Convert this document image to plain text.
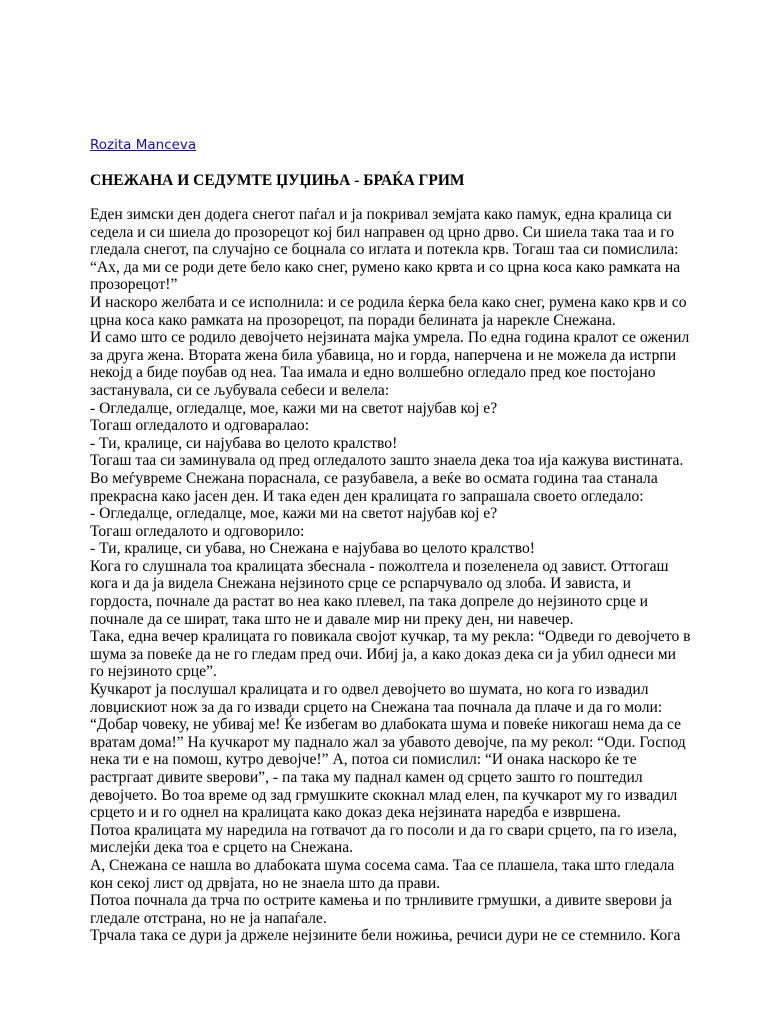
Rozita Manceva
СНЕЖАНА И СЕДУМТЕ ЏУЏИЊА - БРАЌА ГРИМ
Еден зимски ден додега снегот паѓал и ја покривал земјата како памук, една кралица си
седела и си шиела до прозорецот кој бил направен од црно дрво. Си шиела така таа и го
гледала снегот, па случајно се боцнала со иглата и потекла крв. Тогаш таа си помислила:
“Ах, да ми се роди дете бело како снег, румено како крвта и со црна коса како рамката на
прозорецот!”
И наскоро желбата и се исполнила: и се родила ќерка бела како снег, румена како крв и со
црна коса како рамката на прозорецот, па поради белината ја нарекле Снежана.
И само што се родило девојчето нејзината мајка умрела. По една година кралот се оженил
за друга жена. Втората жена била убавица, но и горда, наперчена и не можела да истрпи
некојд а биде поубав од неа. Таа имала и едно волшебно огледало пред кое постојано
застанувала, си се љубувала себеси и велела:
- Огледалце, огледалце, мое, кажи ми на светот најубав кој е?
Тогаш огледалото и одговаралао:
- Ти, кралице, си најубава во целото кралство!
Тогаш таа си заминувала од пред огледалото зашто знаела дека тоа ија кажува вистината.
Во меѓувреме Снежана пораснала, се разубавела, а веќе во осмата година таа станала
прекрасна како јасен ден. И така еден ден кралицата го запрашала своето огледало:
- Огледалце, огледалце, мое, кажи ми на светот најубав кој е?
Тогаш огледалото и одговорило:
- Ти, кралице, си убава, но Снежана е најубава во целото кралство!
Кога го слушнала тоа кралицата збеснала - пожолтела и позеленела од завист. Оттогаш
кога и да ја видела Снежана нејзиното срце се рспарчувало од злоба. И зависта, и
гордоста, почнале да растат во неа како плевел, па така допреле до нејзиното срце и
почнале да се шират, така што не и давале мир ни преку ден, ни навечер.
Така, една вечер кралицата го повикала својот кучкар, та му рекла: “Одведи го девојчето в
шума за повеќе да не го гледам пред очи. Ибиј ја, а како доказ дека си ја убил однеси ми
го нејзиното срце”.
Кучкарот ја послушал кралицата и го одвел девојчето во шумата, но кога го извадил
ловџискиот нож за да го извади срцето на Снежана таа почнала да плаче и да го моли:
“Добар човеку, не убивај ме! Ќе избегам во длабоката шума и повеќе никогаш нема да се
вратам дома!” На кучкарот му паднало жал за убавото девојче, па му рекол: “Оди. Господ
нека ти е на помош, кутро девојче!” А, потоа си помислил: “И онака наскоро ќе те
растргаат дивите ѕверови”, - па така му паднал камен од срцето зашто го поштедил
девојчето. Во тоа време од зад грмушките скокнал млад елен, па кучкарот му го извадил
срцето и и го однел на кралицата како доказ дека нејзината наредба е извршена.
Потоа кралицата му наредила на готвачот да го посоли и да го свари срцето, па го изела,
мислејќи дека тоа е срцето на Снежана.
А, Снежана се нашла во длабоката шума сосема сама. Таа се плашела, така што гледала
кон секој лист од дрвјата, но не знаела што да прави.
Потоа почнала да трча по острите камења и по трнливите грмушки, а дивите ѕверови ја
гледале отстрана, но не ја напаѓале.
Трчала така се дури ја држеле нејзините бели ножиња, речиси дури не се стемнило. Кога
